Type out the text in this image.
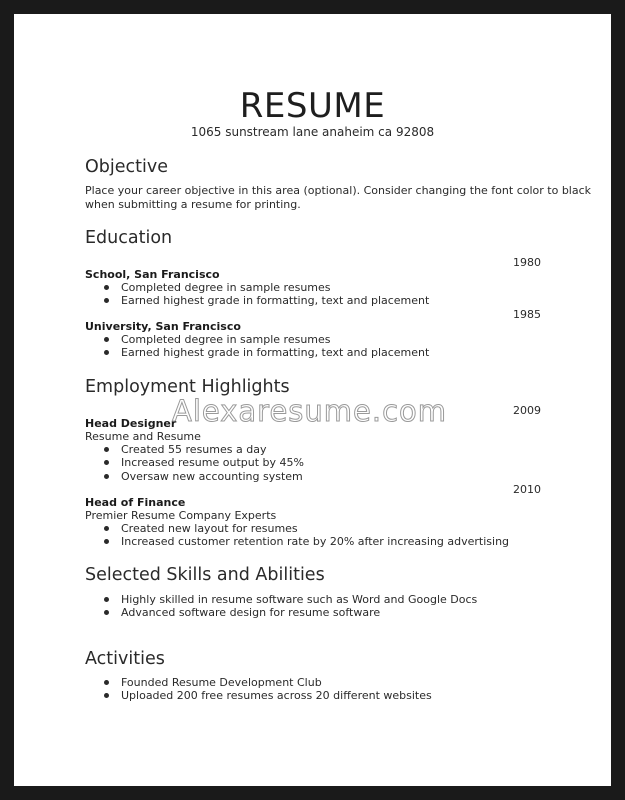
RESUME
1065 sunstream lane anaheim ca 92808
Objective
Place your career objective in this area (optional). Consider changing the font color to black
when submitting a resume for printing.
Education
1980
School, San Francisco
Completed degree in sample resumes
Earned highest grade in formatting, text and placement
1985
University, San Francisco
Completed degree in sample resumes
Earned highest grade in formatting, text and placement
Employment Highlights
2009
Head Designer
Resume and Resume
Created 55 resumes a day
Increased resume output by 45%
Oversaw new accounting system
2010
Head of Finance
Premier Resume Company Experts
Created new layout for resumes
Increased customer retention rate by 20% after increasing advertising
Selected Skills and Abilities
Highly skilled in resume software such as Word and Google Docs
Advanced software design for resume software
Activities
Founded Resume Development Club
Uploaded 200 free resumes across 20 different websites
Alexaresume.com
